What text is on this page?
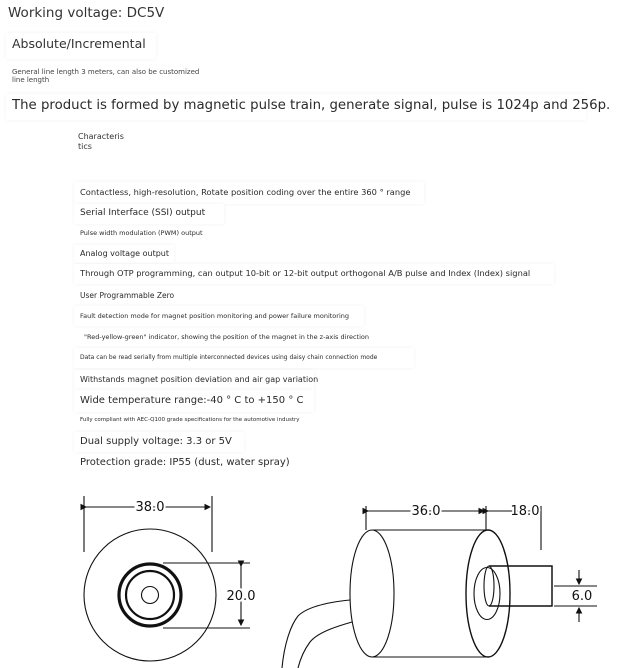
Working voltage: DC5V
Absolute/Incremental
General line length 3 meters, can also be customized
line length
The product is formed by magnetic pulse train, generate signal, pulse is 1024p and 256p.
Characteris
tics
Contactless, high-resolution, Rotate position coding over the entire 360 ° range
Serial Interface (SSI) output
Pulse width modulation (PWM) output
Analog voltage output
Through OTP programming, can output 10-bit or 12-bit output orthogonal A/B pulse and Index (Index) signal
User Programmable Zero
Fault detection mode for magnet position monitoring and power failure monitoring
"Red-yellow-green" indicator, showing the position of the magnet in the z-axis direction
Data can be read serially from multiple interconnected devices using daisy chain connection mode
Withstands magnet position deviation and air gap variation
Wide temperature range:-40 ° C to +150 ° C
Fully compliant with AEC-Q100 grade specifications for the automotive industry
Dual supply voltage: 3.3 or 5V
Protection grade: IP55 (dust, water spray)
38.0
20.0
36.0	18.0
6.0
